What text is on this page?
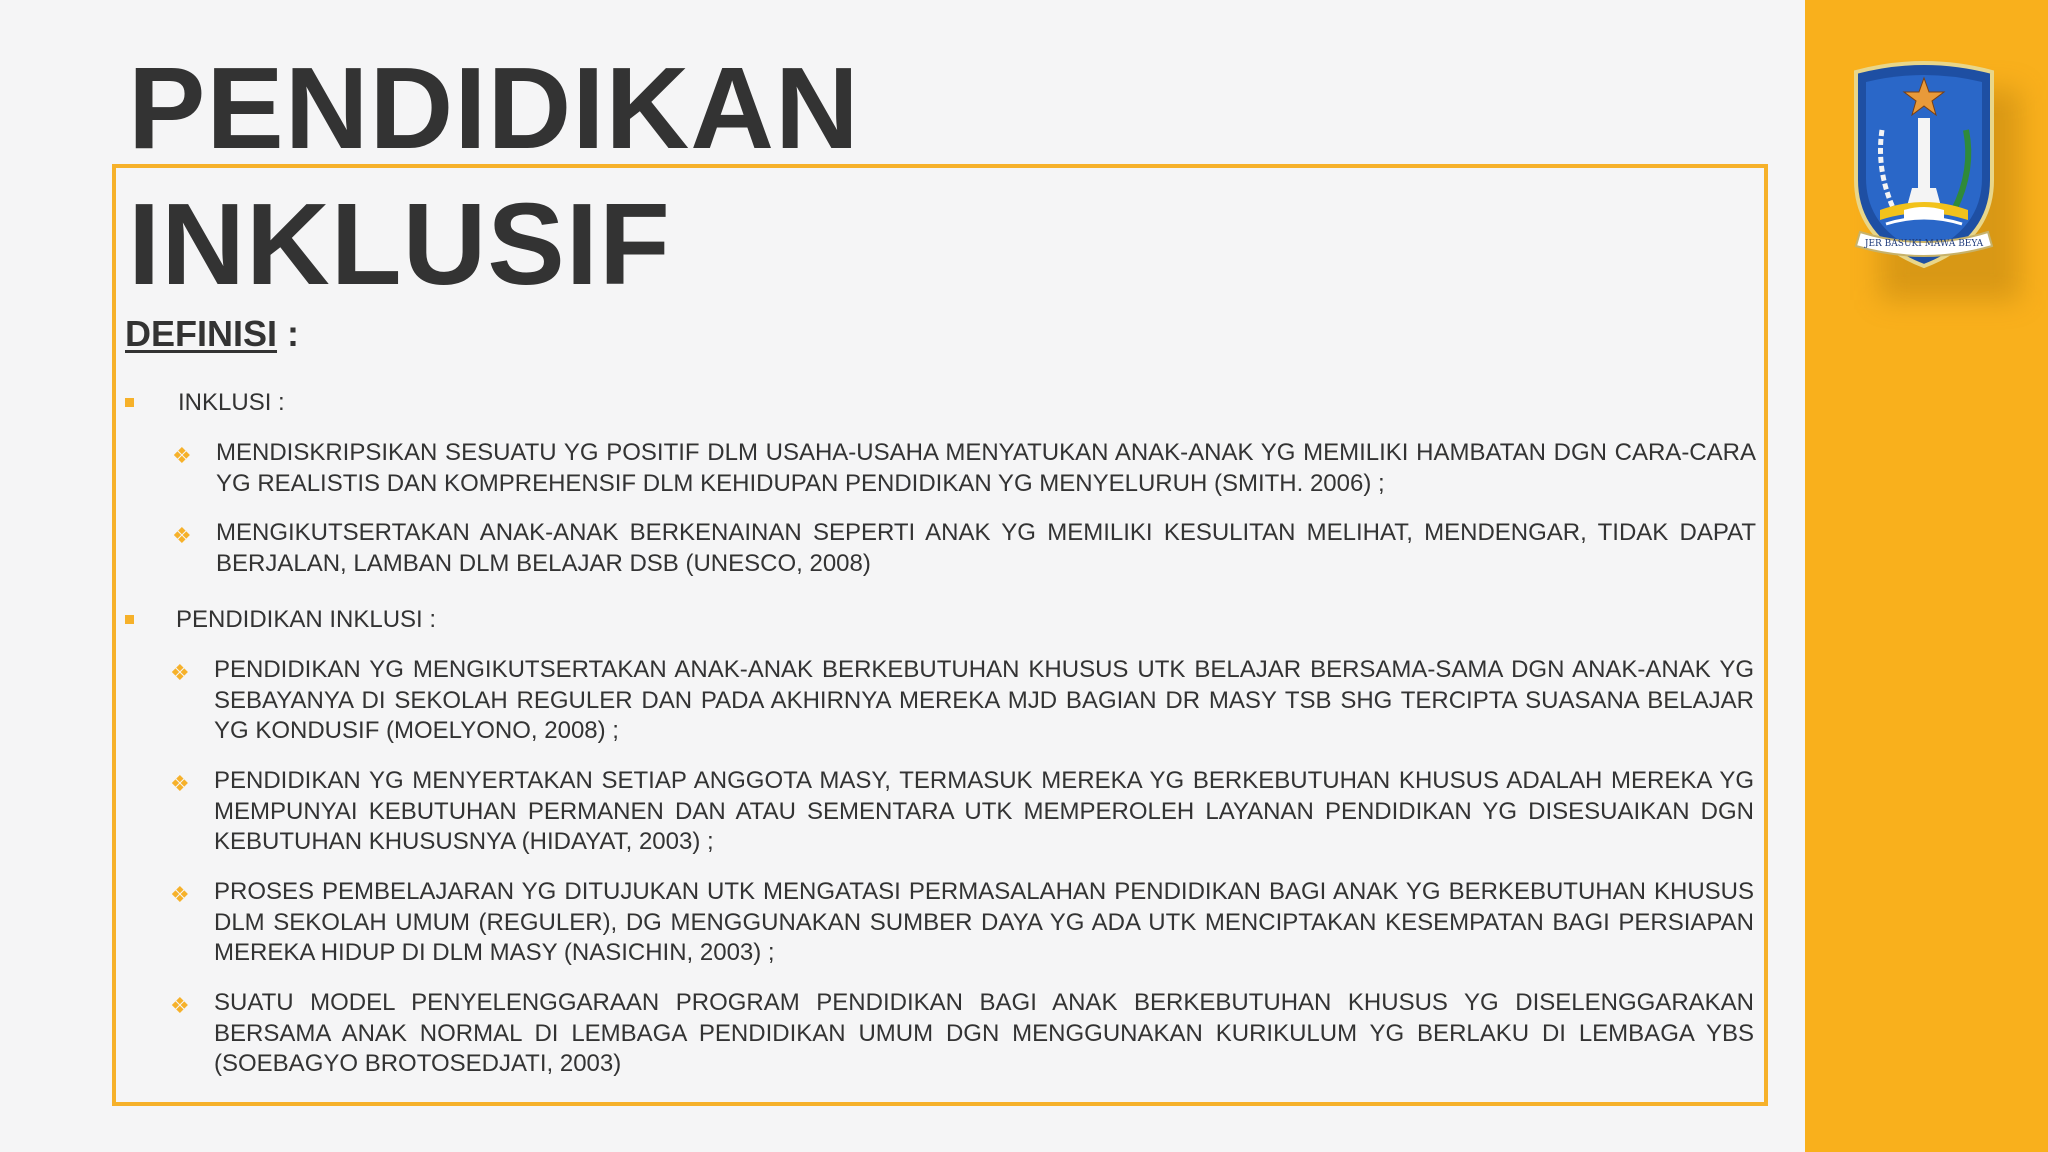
JER BASUKI MAWA BEYA
PENDIDIKAN
INKLUSIF
DEFINISI :
INKLUSI :
❖ MENDISKRIPSIKAN SESUATU YG POSITIF DLM USAHA-USAHA MENYATUKAN ANAK-ANAK YG MEMILIKI HAMBATAN DGN CARA-CARA YG REALISTIS DAN KOMPREHENSIF DLM KEHIDUPAN PENDIDIKAN YG MENYELURUH (SMITH. 2006) ;
❖ MENGIKUTSERTAKAN ANAK-ANAK BERKENAINAN SEPERTI ANAK YG MEMILIKI KESULITAN MELIHAT, MENDENGAR, TIDAK DAPAT BERJALAN, LAMBAN DLM BELAJAR DSB (UNESCO, 2008)
PENDIDIKAN INKLUSI :
❖ PENDIDIKAN YG MENGIKUTSERTAKAN ANAK-ANAK BERKEBUTUHAN KHUSUS UTK BELAJAR BERSAMA-SAMA DGN ANAK-ANAK YG SEBAYANYA DI SEKOLAH REGULER DAN PADA AKHIRNYA MEREKA MJD BAGIAN DR MASY TSB SHG TERCIPTA SUASANA BELAJAR YG KONDUSIF (MOELYONO, 2008) ;
❖ PENDIDIKAN YG MENYERTAKAN SETIAP ANGGOTA MASY, TERMASUK MEREKA YG BERKEBUTUHAN KHUSUS ADALAH MEREKA YG MEMPUNYAI KEBUTUHAN PERMANEN DAN ATAU SEMENTARA UTK MEMPEROLEH LAYANAN PENDIDIKAN YG DISESUAIKAN DGN KEBUTUHAN KHUSUSNYA (HIDAYAT, 2003) ;
❖ PROSES PEMBELAJARAN YG DITUJUKAN UTK MENGATASI PERMASALAHAN PENDIDIKAN BAGI ANAK YG BERKEBUTUHAN KHUSUS DLM SEKOLAH UMUM (REGULER), DG MENGGUNAKAN SUMBER DAYA YG ADA UTK MENCIPTAKAN KESEMPATAN BAGI PERSIAPAN MEREKA HIDUP DI DLM MASY (NASICHIN, 2003) ;
❖ SUATU MODEL PENYELENGGARAAN PROGRAM PENDIDIKAN BAGI ANAK BERKEBUTUHAN KHUSUS YG DISELENGGARAKAN BERSAMA ANAK NORMAL DI LEMBAGA PENDIDIKAN UMUM DGN MENGGUNAKAN KURIKULUM YG BERLAKU DI LEMBAGA YBS (SOEBAGYO BROTOSEDJATI, 2003)
